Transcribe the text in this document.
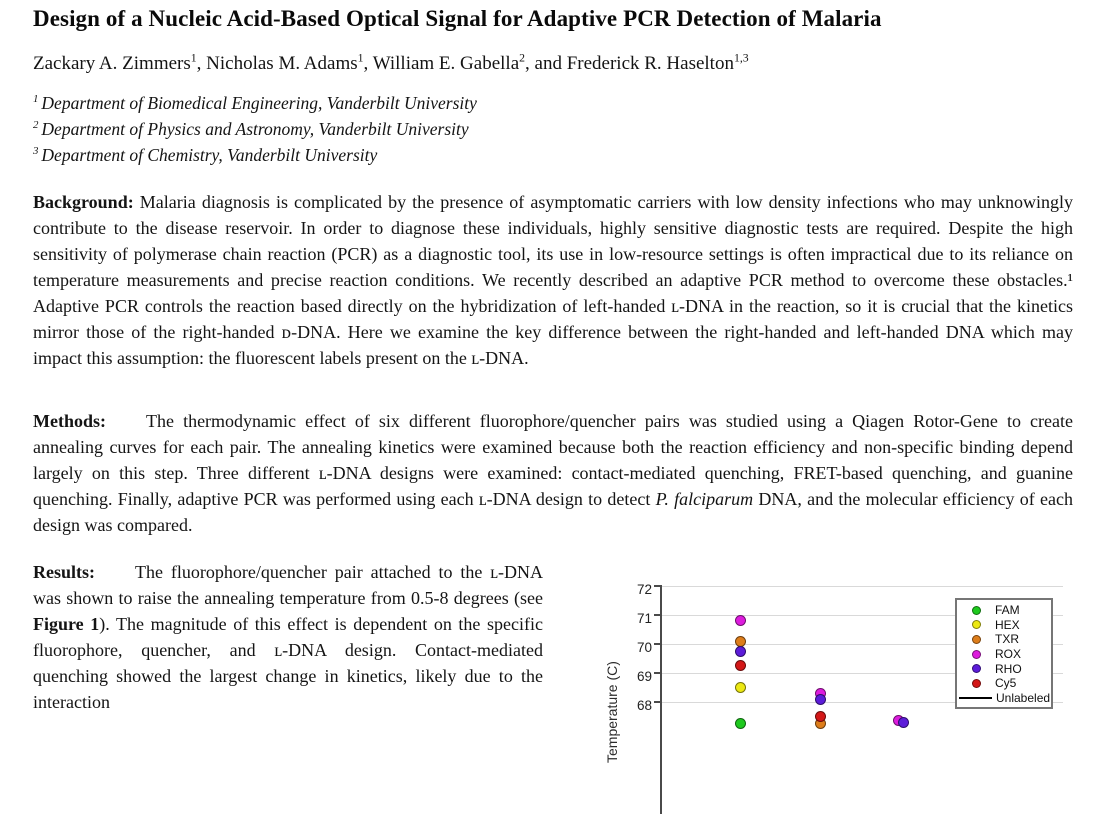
Design of a Nucleic Acid-Based Optical Signal for Adaptive PCR Detection of Malaria
Zackary A. Zimmers$^1$, Nicholas M. Adams$^1$, William E. Gabella$^2$, and Frederick R. Haselton$^{1,3}$
$^1$ Department of Biomedical Engineering, Vanderbilt University
$^2$ Department of Physics and Astronomy, Vanderbilt University
$^3$ Department of Chemistry, Vanderbilt University
Background: Malaria diagnosis is complicated by the presence of asymptomatic carriers with low density infections who may unknowingly contribute to the disease reservoir. In order to diagnose these individuals, highly sensitive diagnostic tests are required. Despite the high sensitivity of polymerase chain reaction (PCR) as a diagnostic tool, its use in low-resource settings is often impractical due to its reliance on temperature measurements and precise reaction conditions. We recently described an adaptive PCR method to overcome these obstacles.¹ Adaptive PCR controls the reaction based directly on the hybridization of left-handed ʟ-DNA in the reaction, so it is crucial that the kinetics mirror those of the right-handed ᴅ-DNA. Here we examine the key difference between the right-handed and left-handed DNA which may impact this assumption: the fluorescent labels present on the ʟ-DNA.
Methods: The thermodynamic effect of six different fluorophore/quencher pairs was studied using a Qiagen Rotor-Gene to create annealing curves for each pair. The annealing kinetics were examined because both the reaction efficiency and non-specific binding depend largely on this step. Three different ʟ-DNA designs were examined: contact-mediated quenching, FRET-based quenching, and guanine quenching. Finally, adaptive PCR was performed using each ʟ-DNA design to detect P. falciparum DNA, and the molecular efficiency of each design was compared.
Temperature (C)
72
71
70
69
68
FAM
HEX
TXR
ROX
RHO
Cy5
Unlabeled
Results: The fluorophore/quencher pair attached to the ʟ-DNA was shown to raise the annealing temperature from 0.5-8 degrees (see Figure 1). The magnitude of this effect is dependent on the specific fluorophore, quencher, and ʟ-DNA design. Contact-mediated quenching showed the largest change in kinetics, likely due to the interaction
